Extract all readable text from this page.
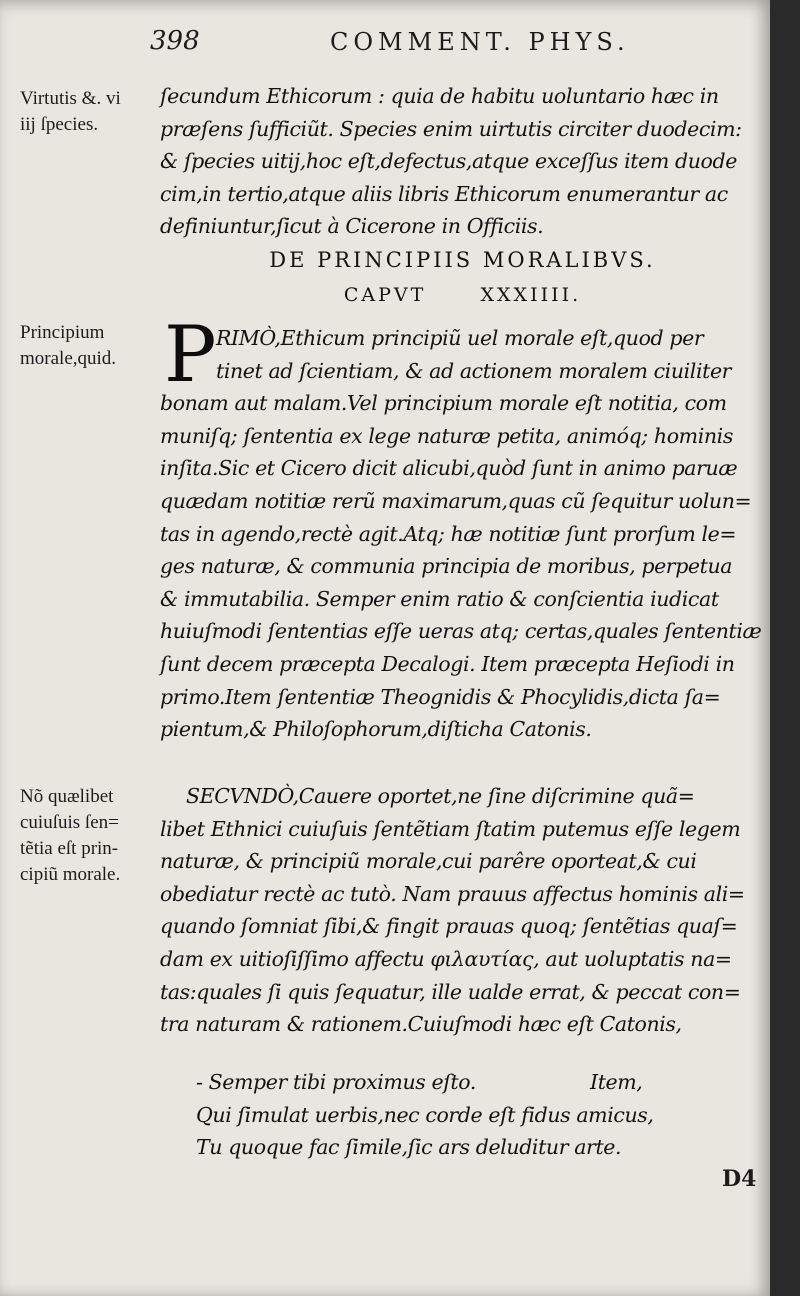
398	COMMENT. PHYS.
Virtutis &. vi
iij ſpecies.
Principium
morale,quid.
Nõ quælibet
cuiuſuis ſen=
tẽtia eſt prin-
cipiũ morale.
ſecundum Ethicorum : quia de habitu uoluntario hæc in
præſens ſufficiũt. Species enim uirtutis circiter duodecim:
& ſpecies uitij,hoc eſt,defectus,atque exceſſus item duode
cim,in tertio,atque aliis libris Ethicorum enumerantur ac
definiuntur,ſicut à Cicerone in Officiis.
DE PRINCIPIIS MORALIBVS.
CAPVT      XXXIIII.
P RIMÒ,Ethicum principiũ uel morale eſt,quod per
tinet ad ſcientiam, & ad actionem moralem ciuiliter
bonam aut malam.Vel principium morale eſt notitia, com
muniſq; ſententia ex lege naturæ petita, animóq; hominis
inſita.Sic et Cicero dicit alicubi,quòd ſunt in animo paruæ
quædam notitiæ rerũ maximarum,quas cũ ſequitur uolun=
tas in agendo,rectè agit.Atq; hæ notitiæ ſunt prorſum le=
ges naturæ, & communia principia de moribus, perpetua
& immutabilia. Semper enim ratio & conſcientia iudicat
huiuſmodi ſententias eſſe ueras atq; certas,quales ſententiæ
ſunt decem præcepta Decalogi. Item præcepta Heſiodi in
primo.Item ſententiæ Theognidis & Phocylidis,dicta ſa=
pientum,& Philoſophorum,diſticha Catonis.
SECVNDÒ,Cauere oportet,ne ſine diſcrimine quã=
libet Ethnici cuiuſuis ſentẽtiam ſtatim putemus eſſe legem
naturæ, & principiũ morale,cui parêre oporteat,& cui
obediatur rectè ac tutò. Nam prauus affectus hominis ali=
quando ſomniat ſibi,& fingit prauas quoq; ſentẽtias quaſ=
dam ex uitioſiſſimo affectu φιλαυτίας, aut uoluptatis na=
tas:quales ſi quis ſequatur, ille ualde errat, & peccat con=
tra naturam & rationem.Cuiuſmodi hæc eſt Catonis,
- Semper tibi proximus eſto.	Item,
Qui ſimulat uerbis,nec corde eſt fidus amicus,
Tu quoque fac ſimile,ſic ars deluditur arte.
D4
